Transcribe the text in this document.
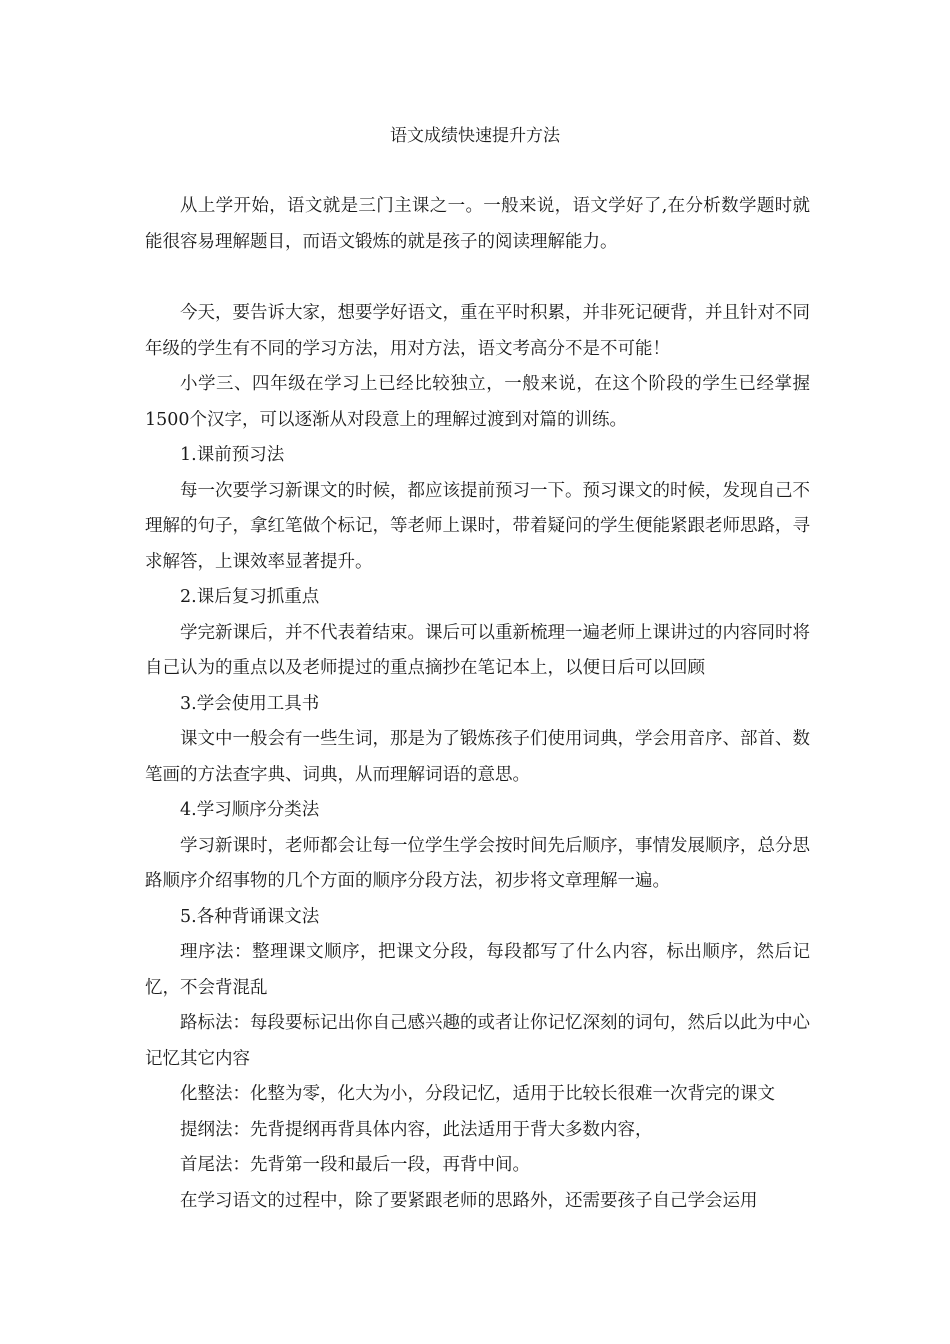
语文成绩快速提升方法

从上学开始，语文就是三门主课之一。一般来说，语文学好了,在分析数学题时就能很容易理解题目，而语文锻炼的就是孩子的阅读理解能力。

今天，要告诉大家，想要学好语文，重在平时积累，并非死记硬背，并且针对不同年级的学生有不同的学习方法，用对方法，语文考高分不是不可能！

小学三、四年级在学习上已经比较独立，一般来说，在这个阶段的学生已经掌握1500个汉字，可以逐渐从对段意上的理解过渡到对篇的训练。

1.课前预习法

每一次要学习新课文的时候，都应该提前预习一下。预习课文的时候，发现自己不理解的句子，拿红笔做个标记，等老师上课时，带着疑问的学生便能紧跟老师思路，寻求解答，上课效率显著提升。

2.课后复习抓重点

学完新课后，并不代表着结束。课后可以重新梳理一遍老师上课讲过的内容同时将自己认为的重点以及老师提过的重点摘抄在笔记本上，以便日后可以回顾

3.学会使用工具书

课文中一般会有一些生词，那是为了锻炼孩子们使用词典，学会用音序、部首、数笔画的方法查字典、词典，从而理解词语的意思。

4.学习顺序分类法

学习新课时，老师都会让每一位学生学会按时间先后顺序，事情发展顺序，总分思路顺序介绍事物的几个方面的顺序分段方法，初步将文章理解一遍。

5.各种背诵课文法

理序法：整理课文顺序，把课文分段，每段都写了什么内容，标出顺序，然后记忆，不会背混乱

路标法：每段要标记出你自己感兴趣的或者让你记忆深刻的词句，然后以此为中心记忆其它内容

化整法：化整为零，化大为小，分段记忆，适用于比较长很难一次背完的课文

提纲法：先背提纲再背具体内容，此法适用于背大多数内容，

首尾法：先背第一段和最后一段，再背中间。

在学习语文的过程中，除了要紧跟老师的思路外，还需要孩子自己学会运用
